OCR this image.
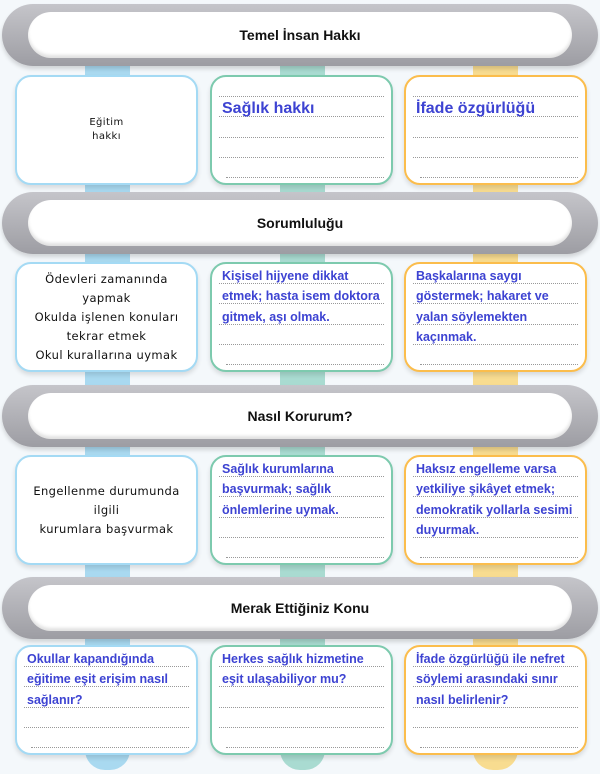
Temel İnsan Hakkı
Eğitim
hakkı
Sağlık hakkı	İfade özgürlüğü
Sorumluluğu
Ödevleri zamanında yapmak
Okulda işlenen konuları
tekrar etmek
Okul kurallarına uymak
Kişisel hijyene dikkat etmek; hasta isem doktora gitmek, aşı olmak.
Başkalarına saygı göstermek; hakaret ve yalan söylemekten kaçınmak.
Nasıl Korurum?
Engellenme durumunda ilgili
kurumlara başvurmak
Sağlık kurumlarına başvurmak; sağlık önlemlerine uymak.
Haksız engelleme varsa yetkiliye şikâyet etmek; demokratik yollarla sesimi duyurmak.
Merak Ettiğiniz Konu
Okullar kapandığında eğitime eşit erişim nasıl sağlanır?
Herkes sağlık hizmetine eşit ulaşabiliyor mu?
İfade özgürlüğü ile nefret söylemi arasındaki sınır nasıl belirlenir?
